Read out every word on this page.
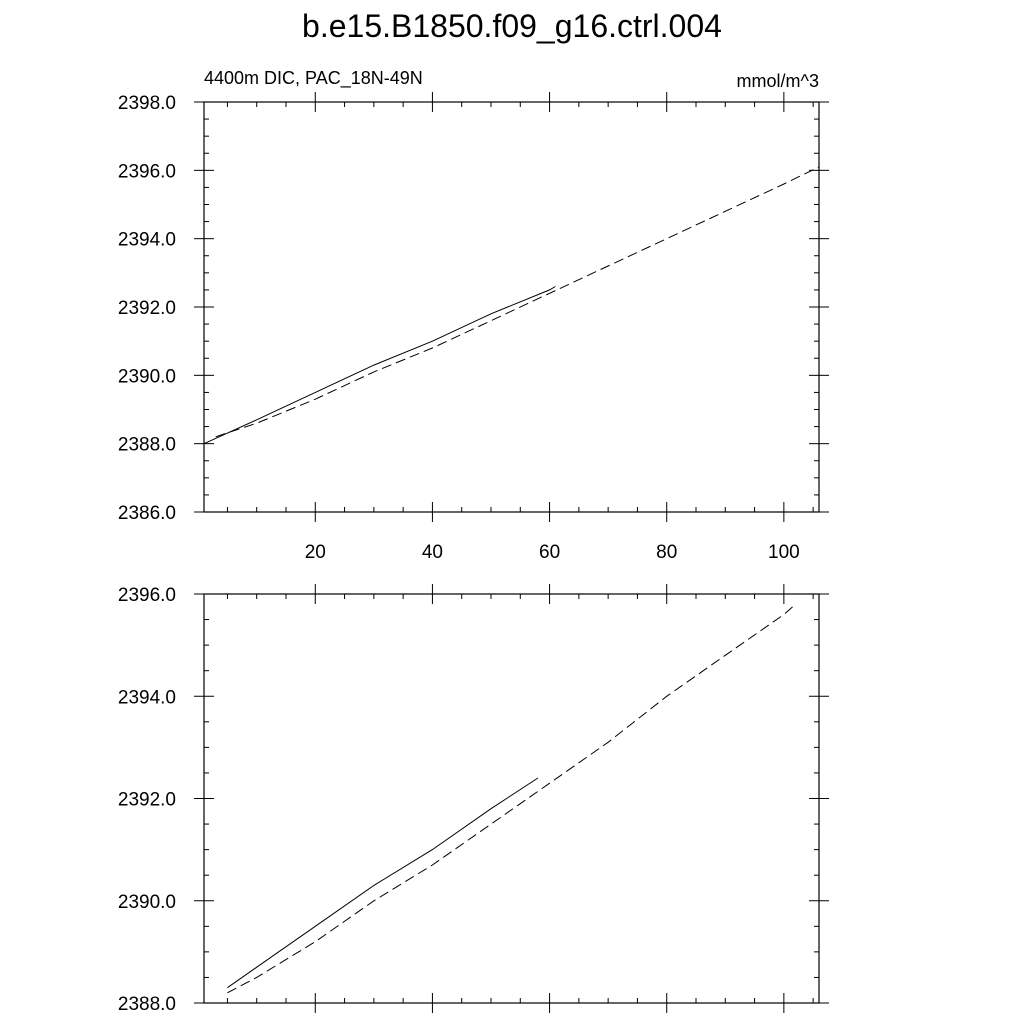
b.e15.B1850.f09_g16.ctrl.004
20	40	60	80	100
2386.0
2388.0
2390.0
2392.0
2394.0
2396.0
2398.0
4400m DIC, PAC_18N-49N	mmol/m^3
2388.0
2390.0
2392.0
2394.0
2396.0
